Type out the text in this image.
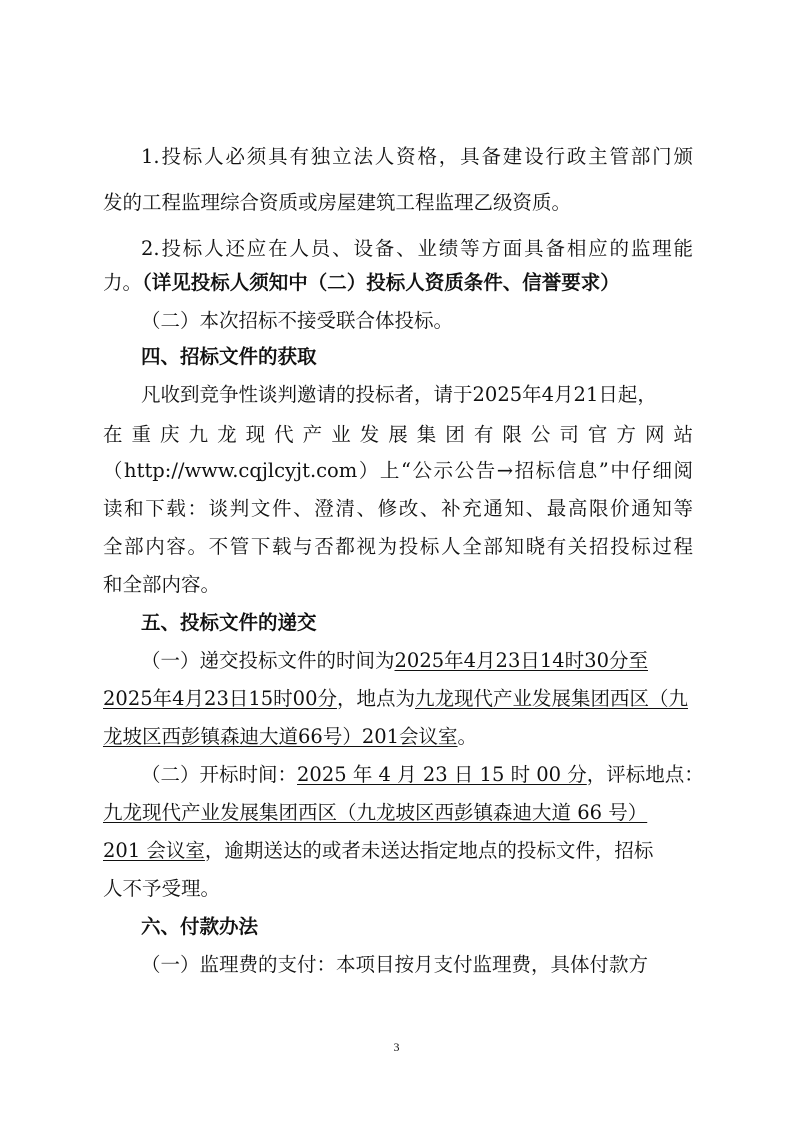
1.投标人必须具有独立法人资格，具备建设行政主管部门颁
发的工程监理综合资质或房屋建筑工程监理乙级资质。
2.投标人还应在人员、设备、业绩等方面具备相应的监理能
力。（详见投标人须知中（二）投标人资质条件、信誉要求）
（二）本次招标不接受联合体投标。
四、招标文件的获取
凡收到竞争性谈判邀请的投标者，请于2025年4月21日起，
在重庆九龙现代产业发展集团有限公司官方网站
（http://www.cqjlcyjt.com）上“公示公告→招标信息”中仔细阅
读和下载：谈判文件、澄清、修改、补充通知、最高限价通知等
全部内容。不管下载与否都视为投标人全部知晓有关招投标过程
和全部内容。
五、投标文件的递交
（一）递交投标文件的时间为2025年4月23日14时30分至
2025年4月23日15时00分，地点为九龙现代产业发展集团西区（九
龙坡区西彭镇森迪大道66号）201会议室。
（二）开标时间：2025 年 4 月 23 日 15 时 00 分，评标地点：
九龙现代产业发展集团西区（九龙坡区西彭镇森迪大道 66 号）
201 会议室，逾期送达的或者未送达指定地点的投标文件，招标
人不予受理。
六、付款办法
（一）监理费的支付：本项目按月支付监理费，具体付款方
3
